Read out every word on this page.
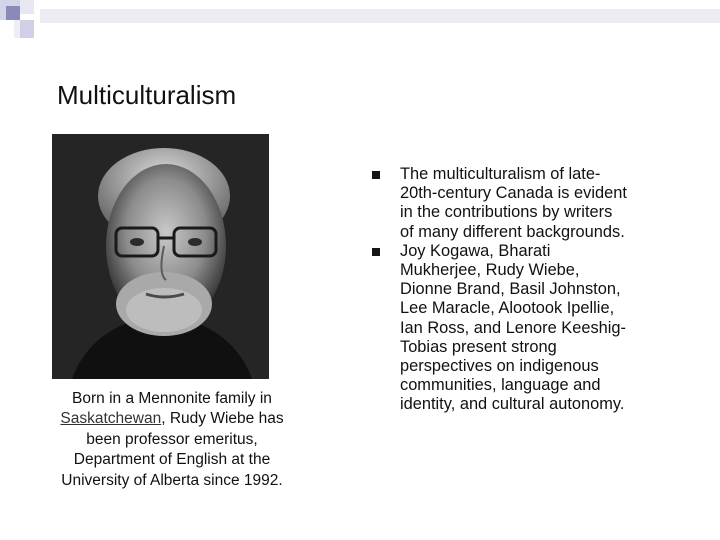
Multiculturalism
Born in a Mennonite family in
Saskatchewan, Rudy Wiebe has
been professor emeritus,
Department of English at the
University of Alberta since 1992.
The multiculturalism of late-
20th-century Canada is evident
in the contributions by writers
of many different backgrounds.
Joy Kogawa, Bharati
Mukherjee, Rudy Wiebe,
Dionne Brand, Basil Johnston,
Lee Maracle, Alootook Ipellie,
Ian Ross, and Lenore Keeshig-
Tobias present strong
perspectives on indigenous
communities, language and
identity, and cultural autonomy.
